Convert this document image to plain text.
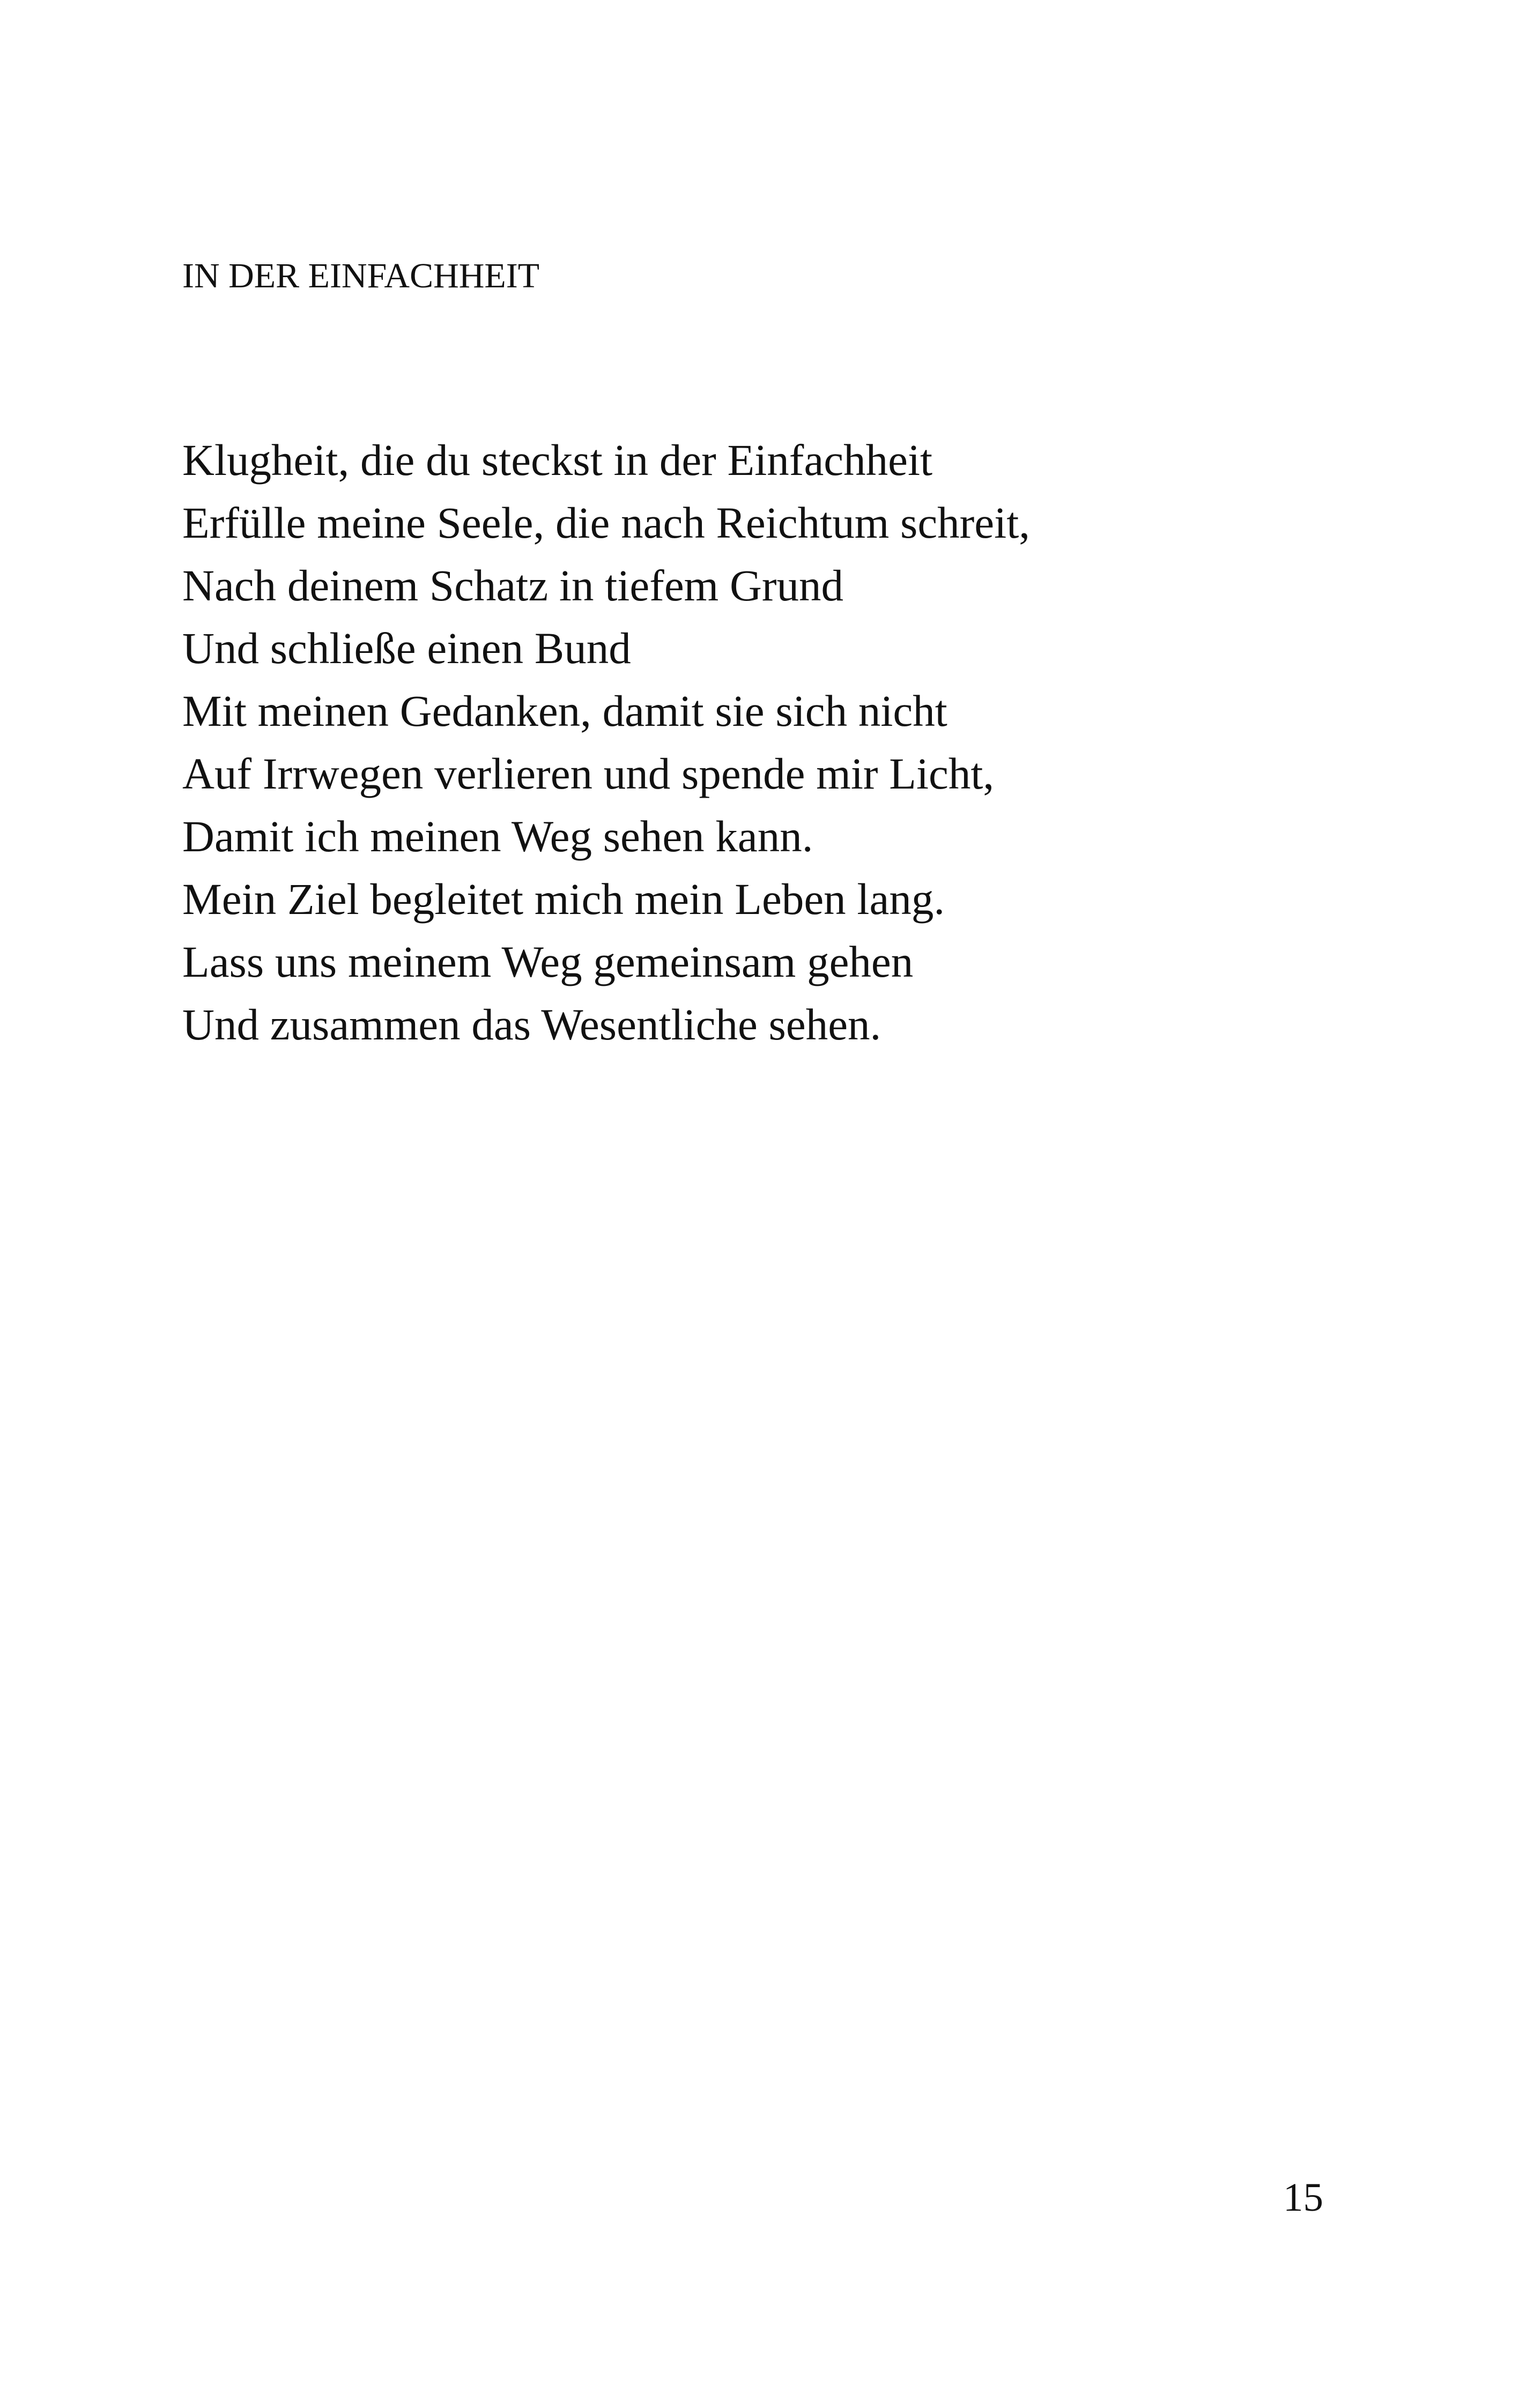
IN DER EINFACHHEIT
Klugheit, die du steckst in der Einfachheit
Erfülle meine Seele, die nach Reichtum schreit,
Nach deinem Schatz in tiefem Grund
Und schließe einen Bund
Mit meinen Gedanken, damit sie sich nicht
Auf Irrwegen verlieren und spende mir Licht,
Damit ich meinen Weg sehen kann.
Mein Ziel begleitet mich mein Leben lang.
Lass uns meinem Weg gemeinsam gehen
Und zusammen das Wesentliche sehen.
15
